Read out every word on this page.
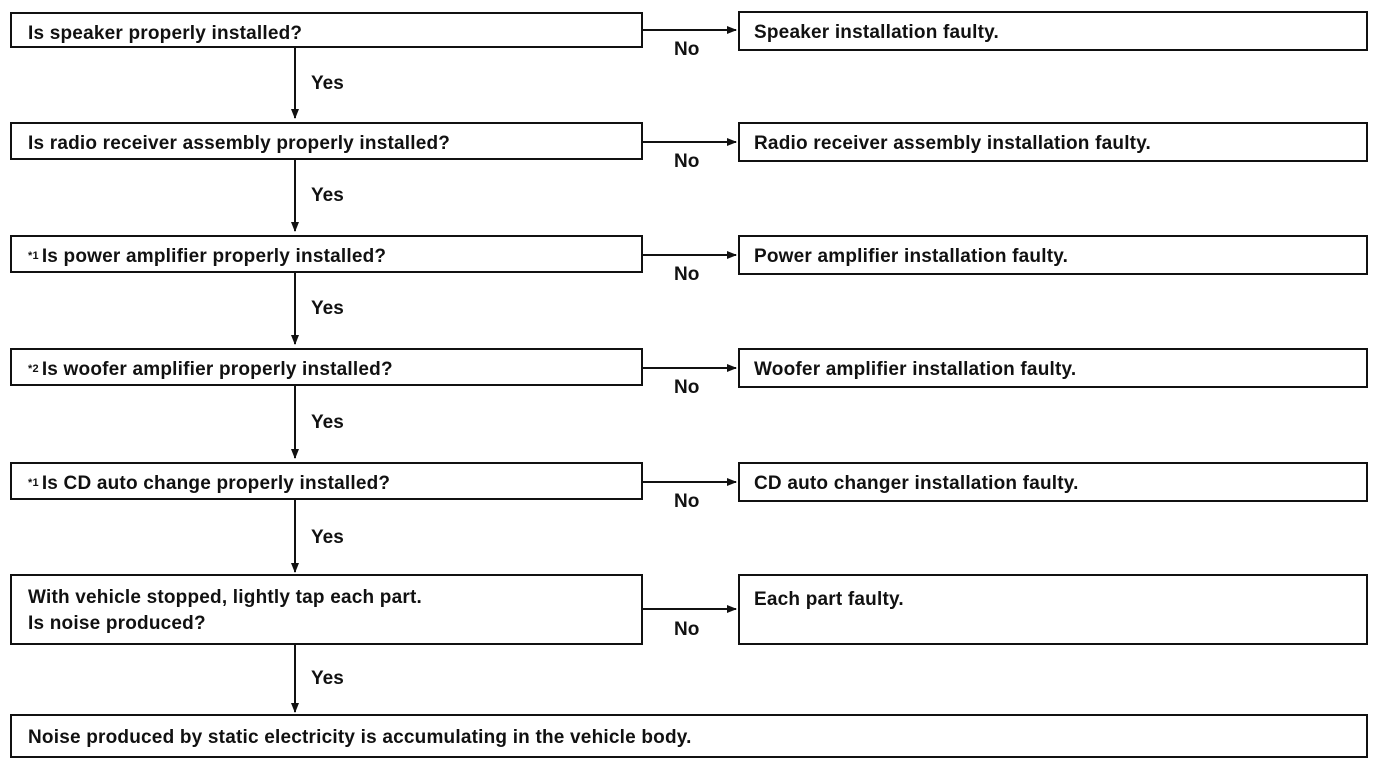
Is speaker properly installed?
Is radio receiver assembly properly installed?
$^{*1}$ Is power amplifier properly installed?
$^{*2}$ Is woofer amplifier properly installed?
$^{*1}$ Is CD auto change properly installed?
With vehicle stopped, lightly tap each part.
Is noise produced?
Speaker installation faulty.
Radio receiver assembly installation faulty.
Power amplifier installation faulty.
Woofer amplifier installation faulty.
CD auto changer installation faulty.
Each part faulty.
Noise produced by static electricity is accumulating in the vehicle body.
Yes
Yes
Yes
Yes
Yes
Yes
No
No
No
No
No
No
